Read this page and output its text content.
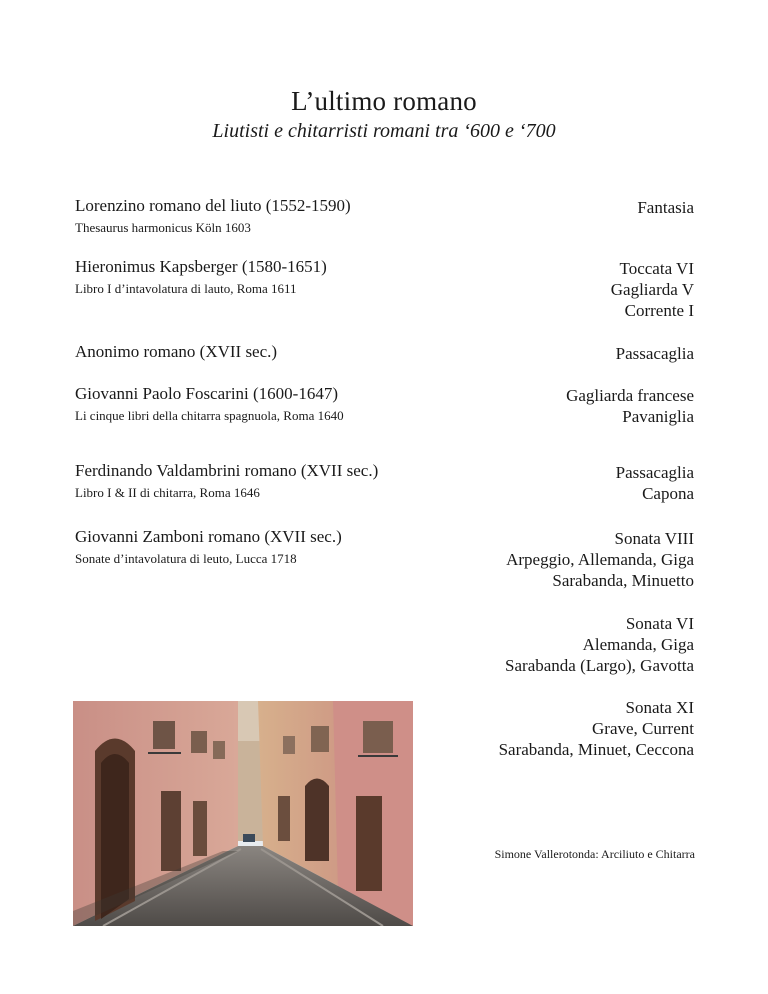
L’ultimo romano
Liutisti e chitarristi romani tra ‘600 e ‘700
Lorenzino romano del liuto (1552-1590)
Thesaurus harmonicus Köln 1603
Fantasia
Hieronimus Kapsberger (1580-1651)
Libro I d’intavolatura di lauto, Roma 1611
Toccata VI
Gagliarda V
Corrente I
Anonimo romano (XVII sec.)	Passacaglia
Giovanni Paolo Foscarini (1600-1647)
Li cinque libri della chitarra spagnuola, Roma 1640
Gagliarda francese
Pavaniglia
Ferdinando Valdambrini romano (XVII sec.)
Libro I & II di chitarra, Roma 1646
Passacaglia
Capona
Giovanni Zamboni romano (XVII sec.)
Sonate d’intavolatura di leuto, Lucca 1718
Sonata VIII
Arpeggio, Allemanda, Giga
Sarabanda, Minuetto
Sonata VI
Alemanda, Giga
Sarabanda (Largo), Gavotta
Sonata XI
Grave, Current
Sarabanda, Minuet, Ceccona
Simone Vallerotonda: Arciliuto e Chitarra
